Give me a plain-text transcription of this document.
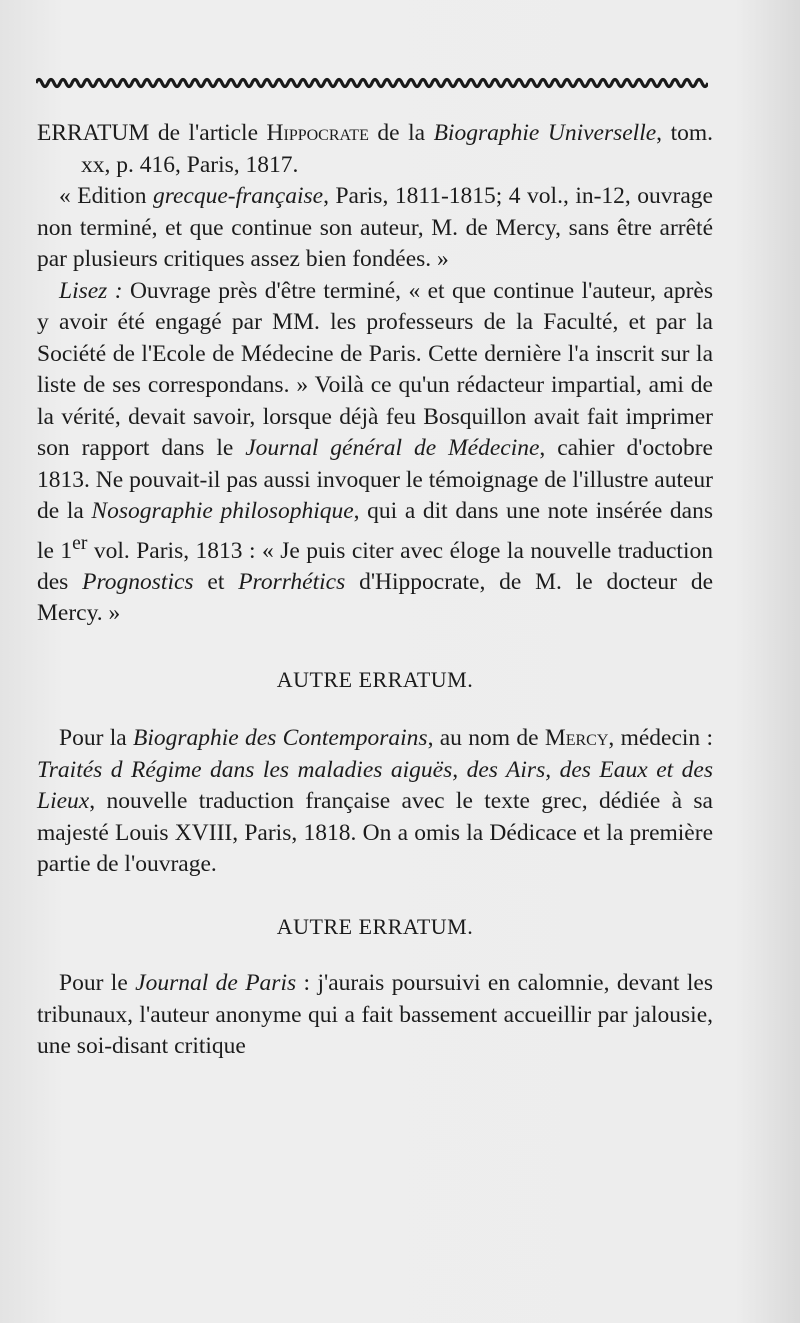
ERRATUM de l'article Hippocrate de la Biographie Universelle, tom. xx, p. 416, Paris, 1817.

« Edition grecque-française, Paris, 1811-1815; 4 vol., in-12, ouvrage non terminé, et que continue son auteur, M. de Mercy, sans être arrêté par plusieurs critiques assez bien fondées. »

Lisez : Ouvrage près d'être terminé, « et que continue l'auteur, après y avoir été engagé par MM. les professeurs de la Faculté, et par la Société de l'Ecole de Médecine de Paris. Cette dernière l'a inscrit sur la liste de ses correspondans. » Voilà ce qu'un rédacteur impartial, ami de la vérité, devait savoir, lorsque déjà feu Bosquillon avait fait imprimer son rapport dans le Journal général de Médecine, cahier d'octobre 1813. Ne pouvait-il pas aussi invoquer le témoignage de l'illustre auteur de la Nosographie philosophique, qui a dit dans une note insérée dans le 1er vol. Paris, 1813 : « Je puis citer avec éloge la nouvelle traduction des Prognostics et Prorrhétics d'Hippocrate, de M. le docteur de Mercy. »

AUTRE ERRATUM.

Pour la Biographie des Contemporains, au nom de Mercy, médecin : Traités d Régime dans les maladies aiguës, des Airs, des Eaux et des Lieux, nouvelle traduction française avec le texte grec, dédiée à sa majesté Louis XVIII, Paris, 1818. On a omis la Dédicace et la première partie de l'ouvrage.

AUTRE ERRATUM.

Pour le Journal de Paris : j'aurais poursuivi en calomnie, devant les tribunaux, l'auteur anonyme qui a fait bassement accueillir par jalousie, une soi-disant critique
